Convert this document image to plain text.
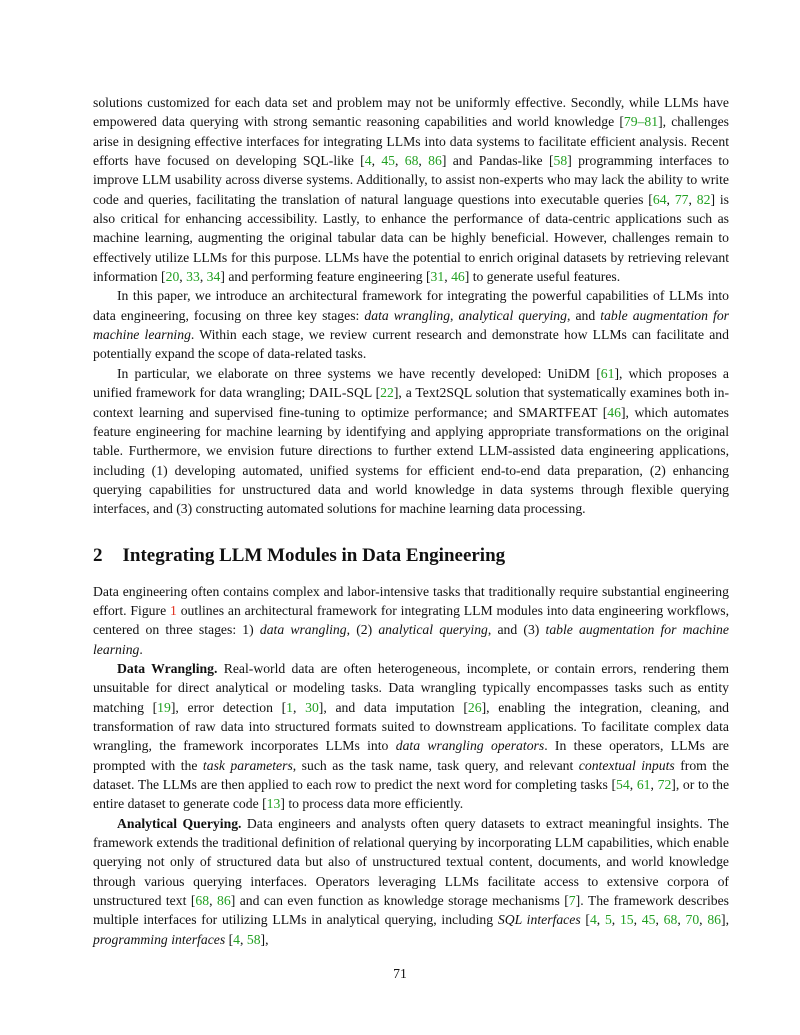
solutions customized for each data set and problem may not be uniformly effective. Secondly, while LLMs have empowered data querying with strong semantic reasoning capabilities and world knowledge [79–81], challenges arise in designing effective interfaces for integrating LLMs into data systems to facilitate efficient analysis. Recent efforts have focused on developing SQL-like [4, 45, 68, 86] and Pandas-like [58] programming interfaces to improve LLM usability across diverse systems. Additionally, to assist non-experts who may lack the ability to write code and queries, facilitating the translation of natural language questions into executable queries [64, 77, 82] is also critical for enhancing accessibility. Lastly, to enhance the performance of data-centric applications such as machine learning, augmenting the original tabular data can be highly beneficial. However, challenges remain to effectively utilize LLMs for this purpose. LLMs have the potential to enrich original datasets by retrieving relevant information [20, 33, 34] and performing feature engineering [31, 46] to generate useful features.

In this paper, we introduce an architectural framework for integrating the powerful capabilities of LLMs into data engineering, focusing on three key stages: data wrangling, analytical querying, and table augmentation for machine learning. Within each stage, we review current research and demonstrate how LLMs can facilitate and potentially expand the scope of data-related tasks.

In particular, we elaborate on three systems we have recently developed: UniDM [61], which proposes a unified framework for data wrangling; DAIL-SQL [22], a Text2SQL solution that systematically examines both in-context learning and supervised fine-tuning to optimize performance; and SMARTFEAT [46], which automates feature engineering for machine learning by identifying and applying appropriate transformations on the original table. Furthermore, we envision future directions to further extend LLM-assisted data engineering applications, including (1) developing automated, unified systems for efficient end-to-end data preparation, (2) enhancing querying capabilities for unstructured data and world knowledge in data systems through flexible querying interfaces, and (3) constructing automated solutions for machine learning data processing.

2 Integrating LLM Modules in Data Engineering

Data engineering often contains complex and labor-intensive tasks that traditionally require substantial engineering effort. Figure 1 outlines an architectural framework for integrating LLM modules into data engineering workflows, centered on three stages: 1) data wrangling, (2) analytical querying, and (3) table augmentation for machine learning.

Data Wrangling. Real-world data are often heterogeneous, incomplete, or contain errors, rendering them unsuitable for direct analytical or modeling tasks. Data wrangling typically encompasses tasks such as entity matching [19], error detection [1, 30], and data imputation [26], enabling the integration, cleaning, and transformation of raw data into structured formats suited to downstream applications. To facilitate complex data wrangling, the framework incorporates LLMs into data wrangling operators. In these operators, LLMs are prompted with the task parameters, such as the task name, task query, and relevant contextual inputs from the dataset. The LLMs are then applied to each row to predict the next word for completing tasks [54, 61, 72], or to the entire dataset to generate code [13] to process data more efficiently.

Analytical Querying. Data engineers and analysts often query datasets to extract meaningful insights. The framework extends the traditional definition of relational querying by incorporating LLM capabilities, which enable querying not only of structured data but also of unstructured textual content, documents, and world knowledge through various querying interfaces. Operators leveraging LLMs facilitate access to extensive corpora of unstructured text [68, 86] and can even function as knowledge storage mechanisms [7]. The framework describes multiple interfaces for utilizing LLMs in analytical querying, including SQL interfaces [4, 5, 15, 45, 68, 70, 86], programming interfaces [4, 58],

71
